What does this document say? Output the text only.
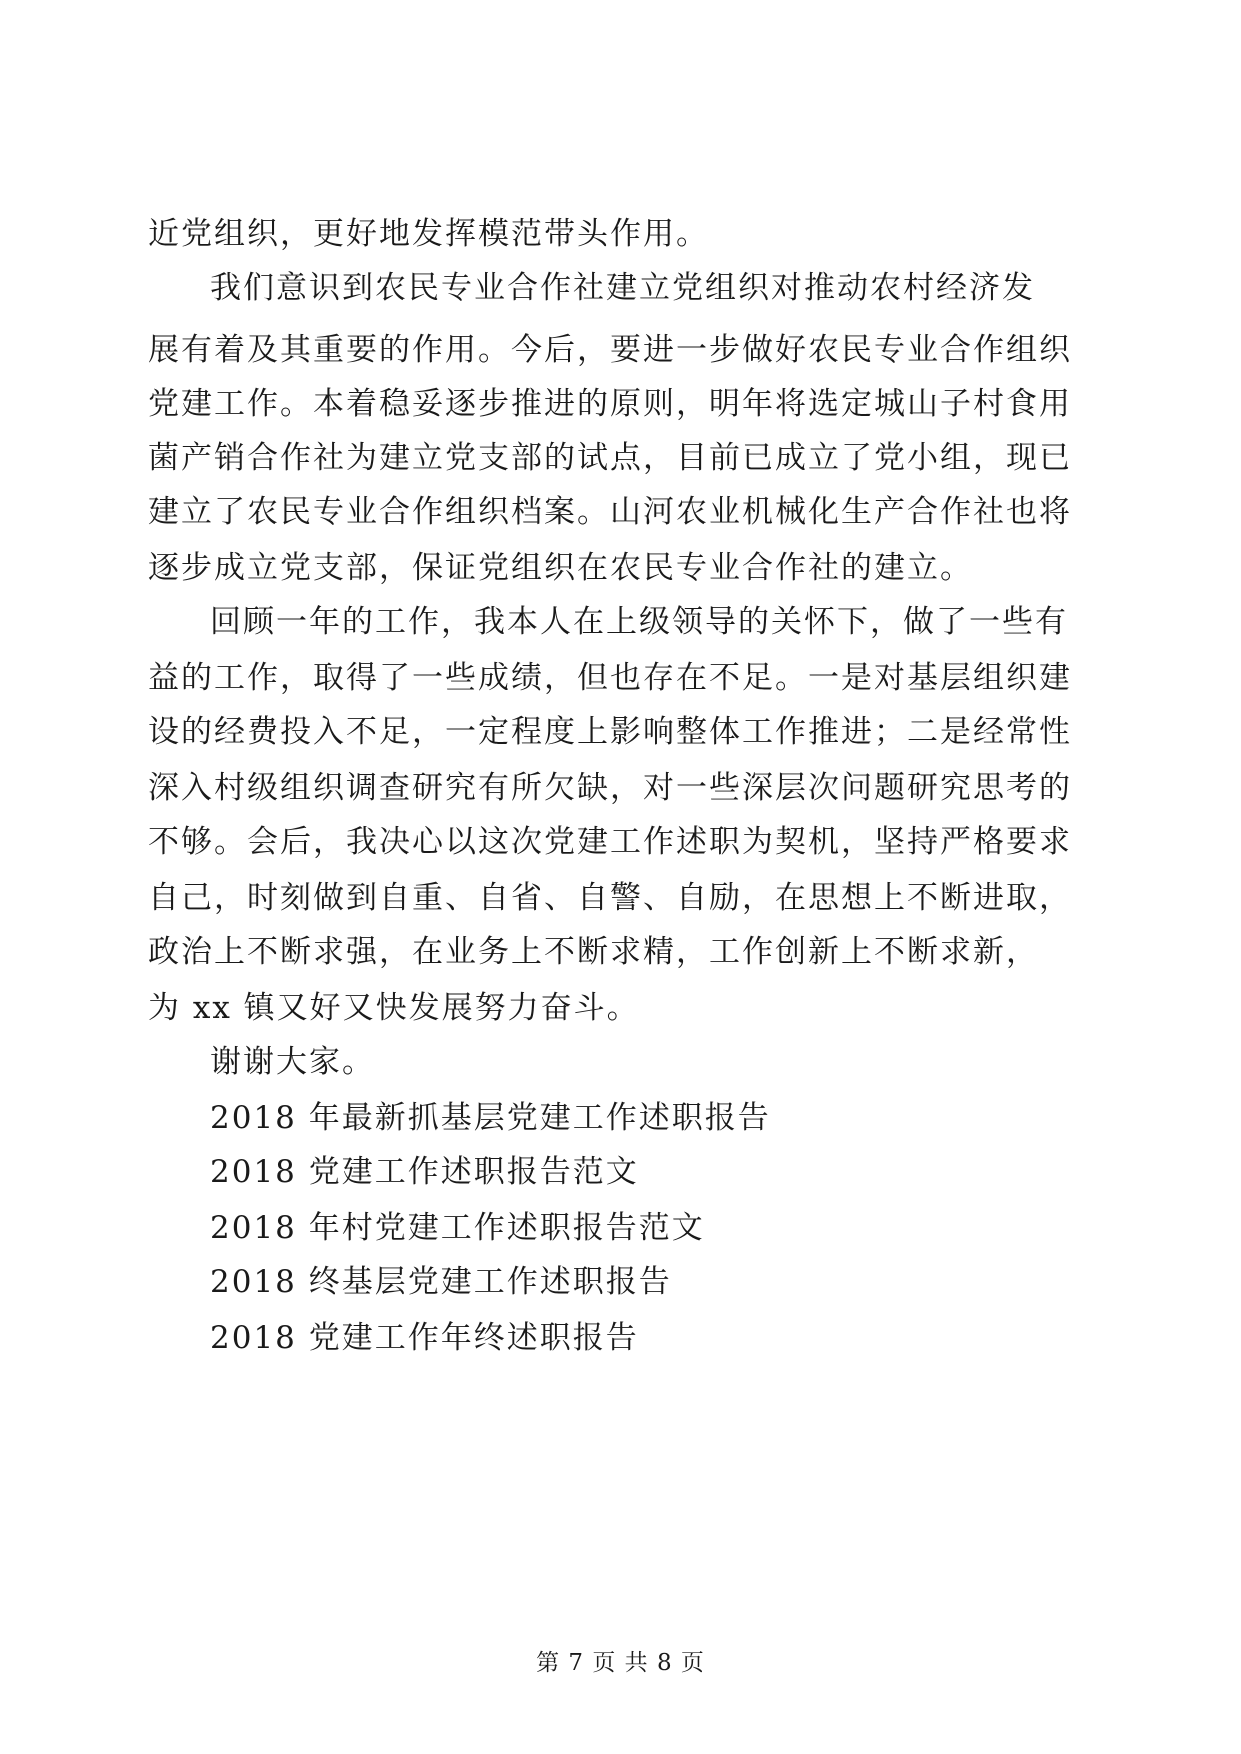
近党组织，更好地发挥模范带头作用。
我们意识到农民专业合作社建立党组织对推动农村经济发
展有着及其重要的作用。今后，要进一步做好农民专业合作组织
党建工作。本着稳妥逐步推进的原则，明年将选定城山子村食用
菌产销合作社为建立党支部的试点，目前已成立了党小组，现已
建立了农民专业合作组织档案。山河农业机械化生产合作社也将
逐步成立党支部，保证党组织在农民专业合作社的建立。
回顾一年的工作，我本人在上级领导的关怀下，做了一些有
益的工作，取得了一些成绩，但也存在不足。一是对基层组织建
设的经费投入不足，一定程度上影响整体工作推进；二是经常性
深入村级组织调查研究有所欠缺，对一些深层次问题研究思考的
不够。会后，我决心以这次党建工作述职为契机，坚持严格要求
自己，时刻做到自重、自省、自警、自励，在思想上不断进取，
政治上不断求强，在业务上不断求精，工作创新上不断求新，
为 xx 镇又好又快发展努力奋斗。
谢谢大家。
2018 年最新抓基层党建工作述职报告
2018 党建工作述职报告范文
2018 年村党建工作述职报告范文
2018 终基层党建工作述职报告
2018 党建工作年终述职报告
第 7 页 共 8 页
